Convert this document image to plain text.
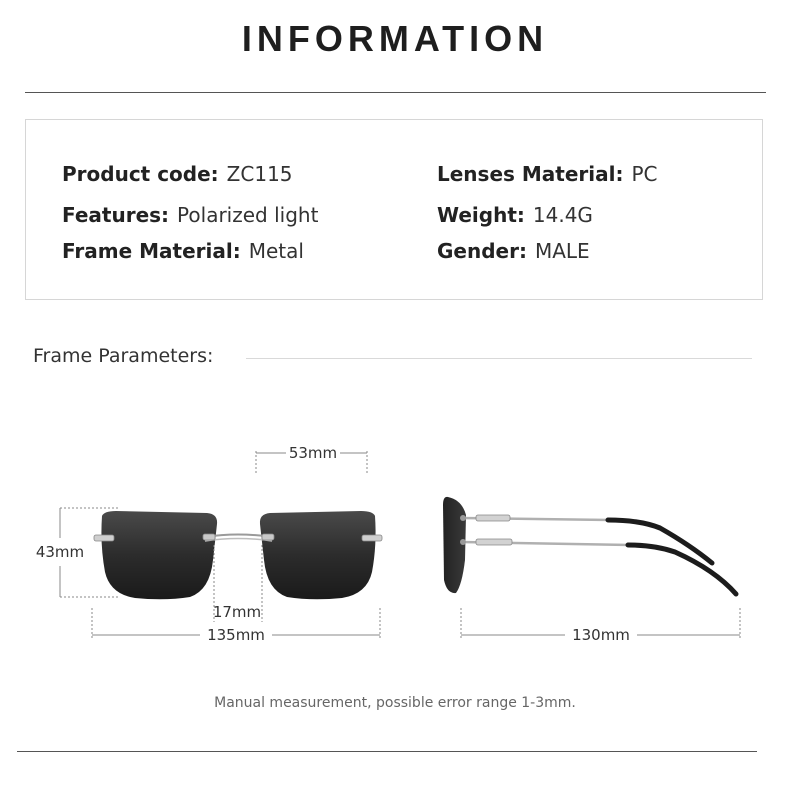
INFORMATION
Product code: ZC115
Features: Polarized light
Frame Material: Metal
Lenses Material: PC
Weight: 14.4G
Gender: MALE
Frame Parameters:
53mm
43mm
17mm
135mm	130mm
Manual measurement, possible error range 1-3mm.
